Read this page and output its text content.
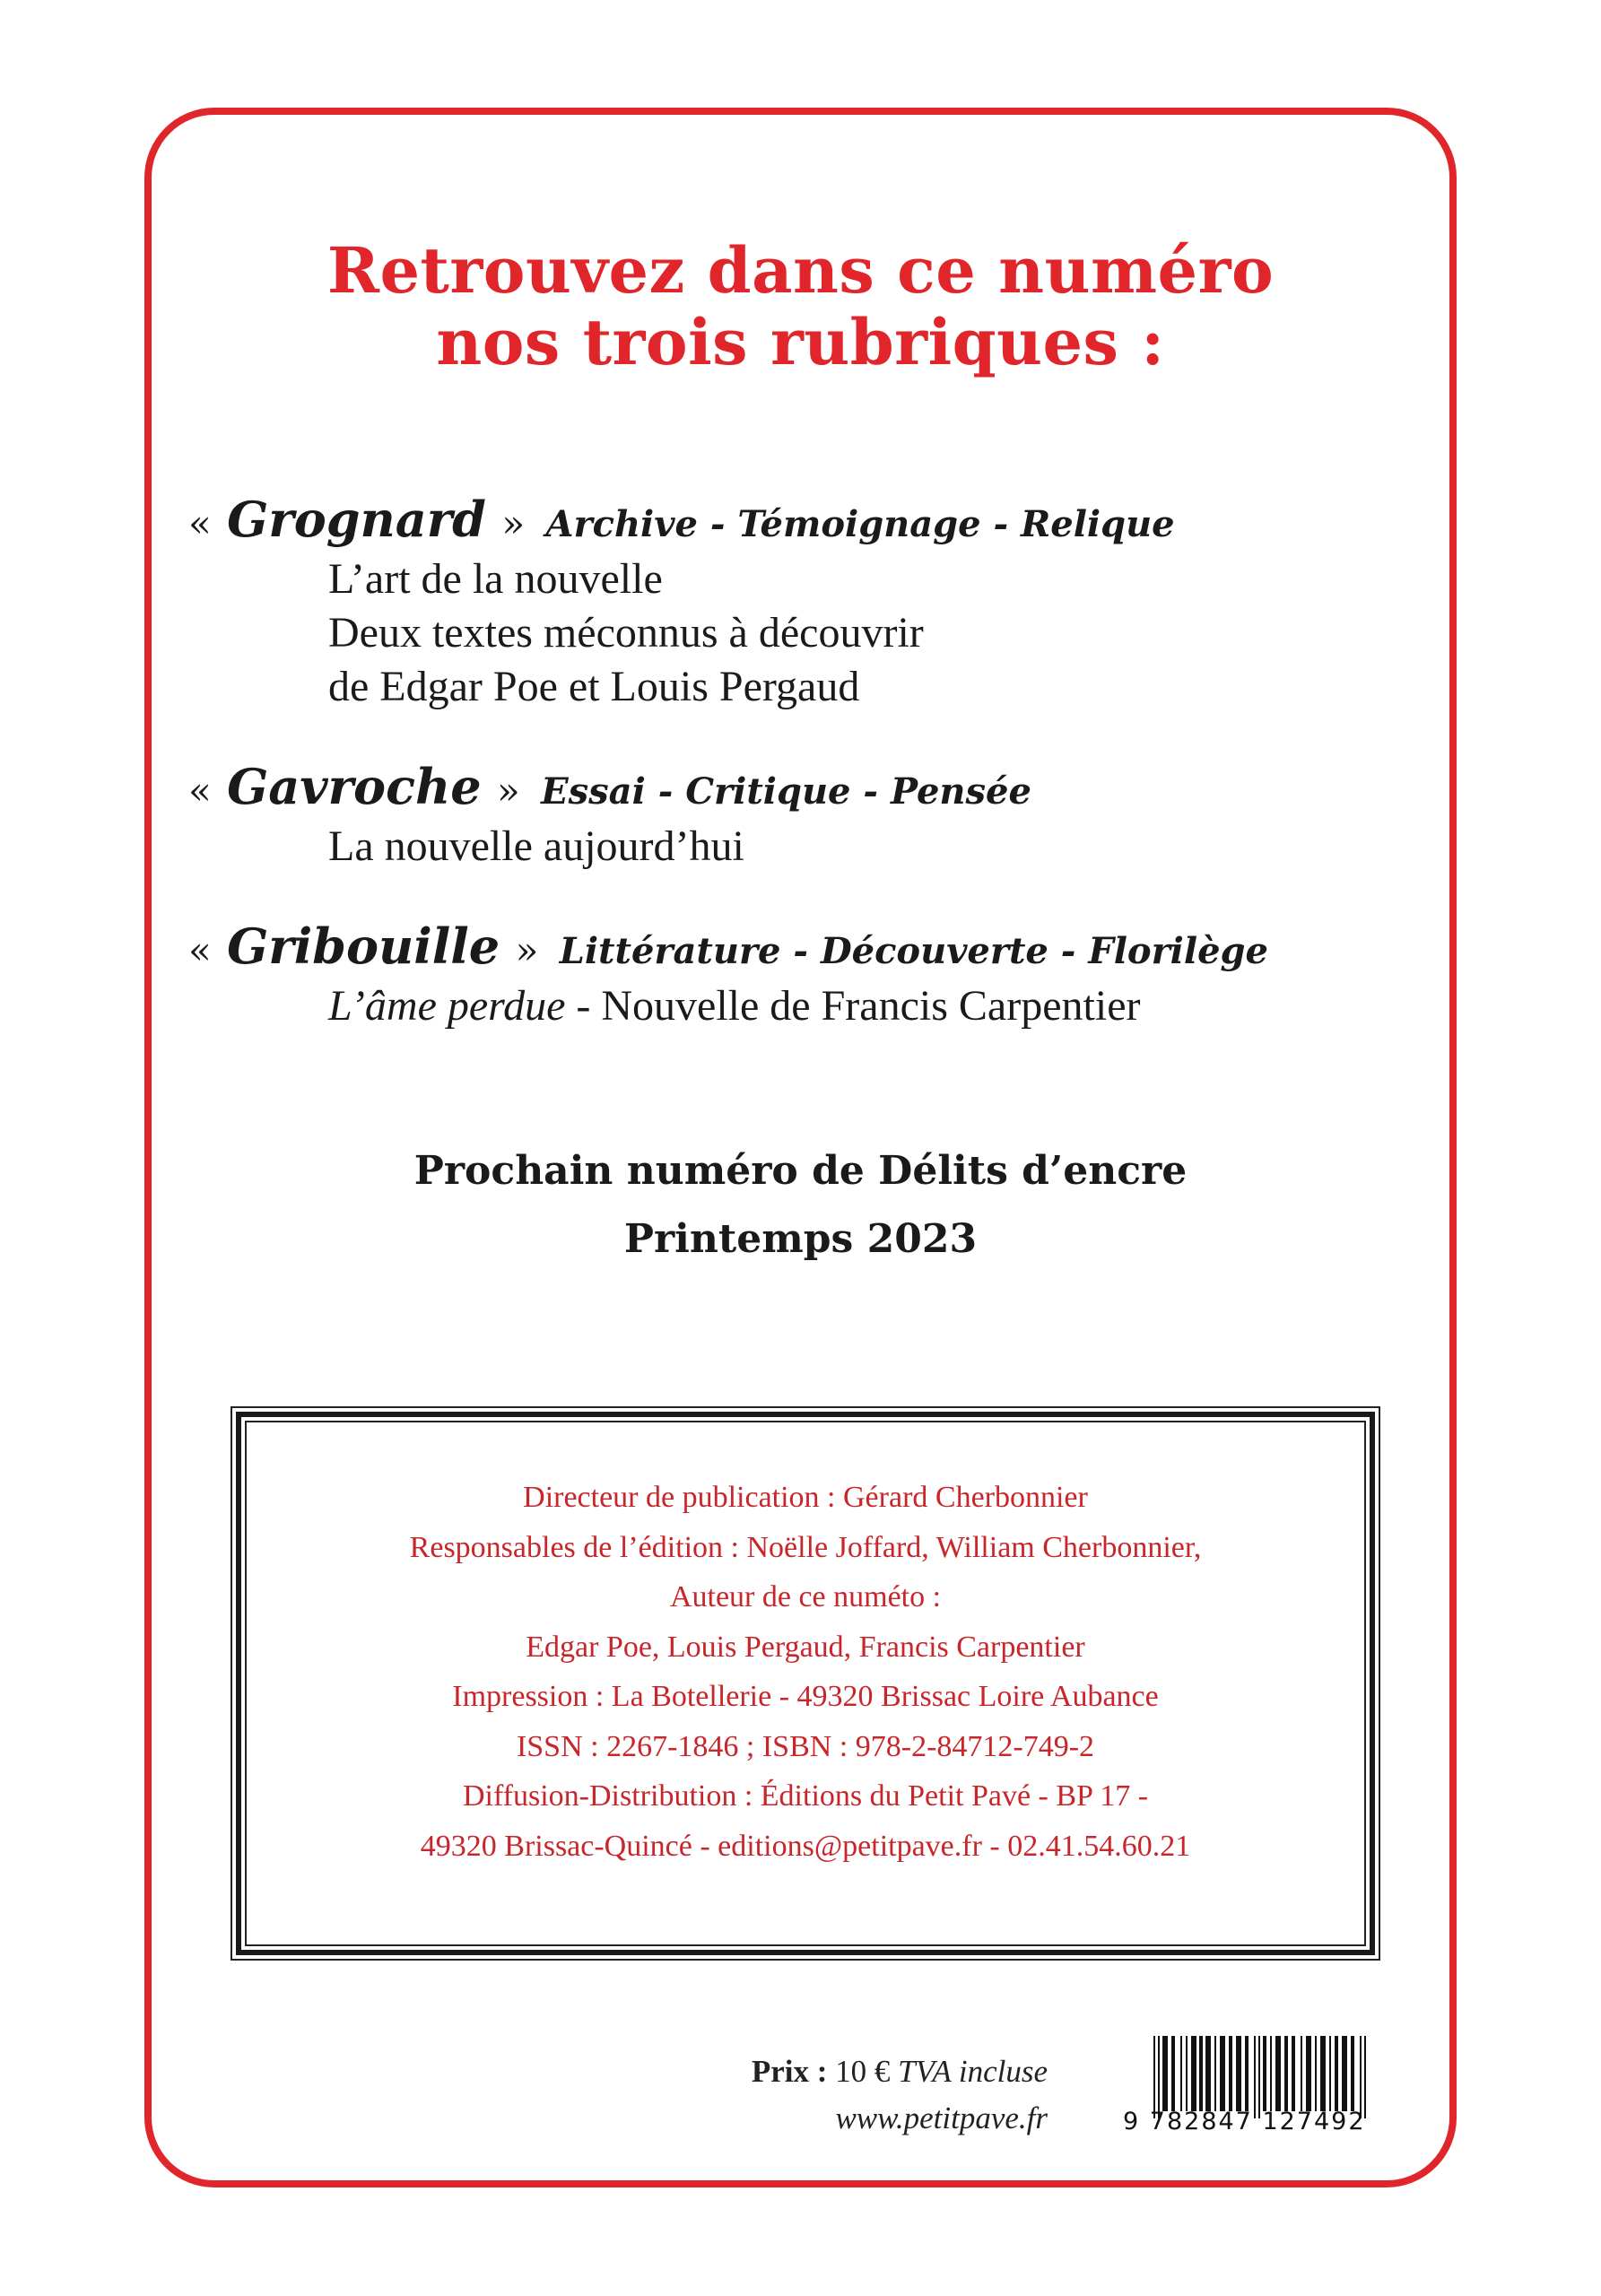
Retrouvez dans ce numéro
nos trois rubriques :
« Grognard » Archive - Témoignage - Relique
L’art de la nouvelle
Deux textes méconnus à découvrir
de Edgar Poe et Louis Pergaud
« Gavroche » Essai - Critique - Pensée
La nouvelle aujourd’hui
« Gribouille » Littérature - Découverte - Florilège
L’âme perdue - Nouvelle de Francis Carpentier
Prochain numéro de Délits d’encre
Printemps 2023
Directeur de publication : Gérard Cherbonnier
Responsables de l’édition : Noëlle Joffard, William Cherbonnier,
Auteur de ce numéto :
Edgar Poe, Louis Pergaud, Francis Carpentier
Impression : La Botellerie - 49320 Brissac Loire Aubance
ISSN : 2267-1846 ; ISBN : 978-2-84712-749-2
Diffusion-Distribution : Éditions du Petit Pavé - BP 17 -
49320 Brissac-Quincé - editions@petitpave.fr - 02.41.54.60.21
Prix : 10 € TVA incluse
www.petitpave.fr	9 782847 127492
